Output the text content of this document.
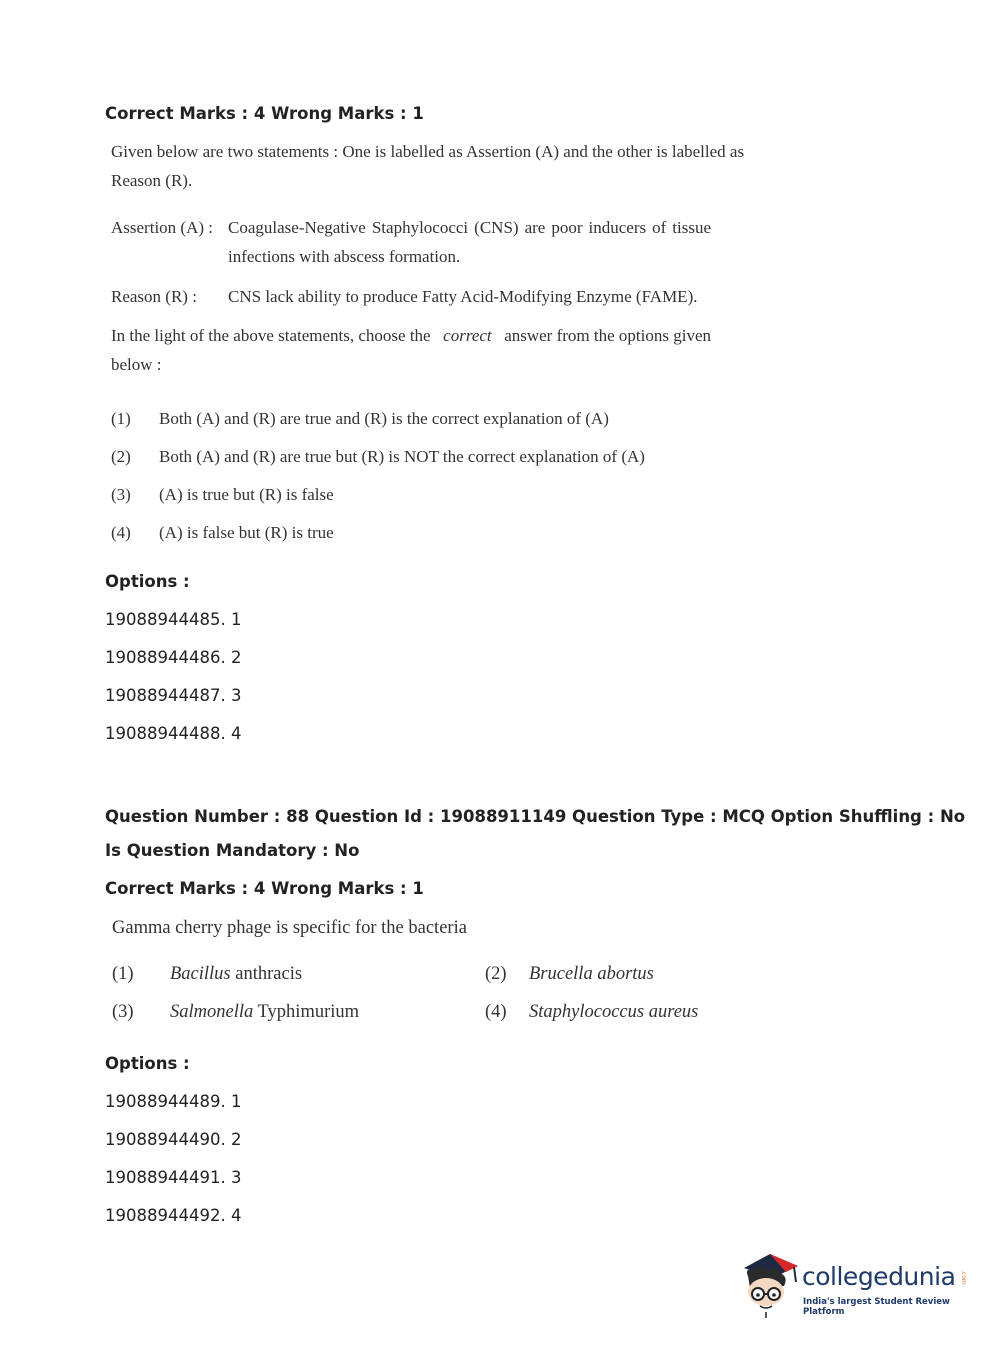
Correct Marks : 4 Wrong Marks : 1
Given below are two statements : One is labelled as Assertion (A) and the other is labelled as
Reason (R).
Assertion (A) : Coagulase-Negative Staphylococci (CNS) are poor inducers of tissue
infections with abscess formation.
Reason (R) : CNS lack ability to produce Fatty Acid-Modifying Enzyme (FAME).
In the light of the above statements, choose the correct answer from the options given
below :
(1) Both (A) and (R) are true and (R) is the correct explanation of (A)
(2) Both (A) and (R) are true but (R) is NOT the correct explanation of (A)
(3) (A) is true but (R) is false
(4) (A) is false but (R) is true
Options :
19088944485. 1
19088944486. 2
19088944487. 3
19088944488. 4
Question Number : 88 Question Id : 19088911149 Question Type : MCQ Option Shuffling : No
Is Question Mandatory : No
Correct Marks : 4 Wrong Marks : 1
Gamma cherry phage is specific for the bacteria
(1) Bacillus anthracis	(2) Brucella abortus
(3) Salmonella Typhimurium	(4) Staphylococcus aureus
Options :
19088944489. 1
19088944490. 2
19088944491. 3
19088944492. 4
collegedunia .com
India's largest Student Review Platform
